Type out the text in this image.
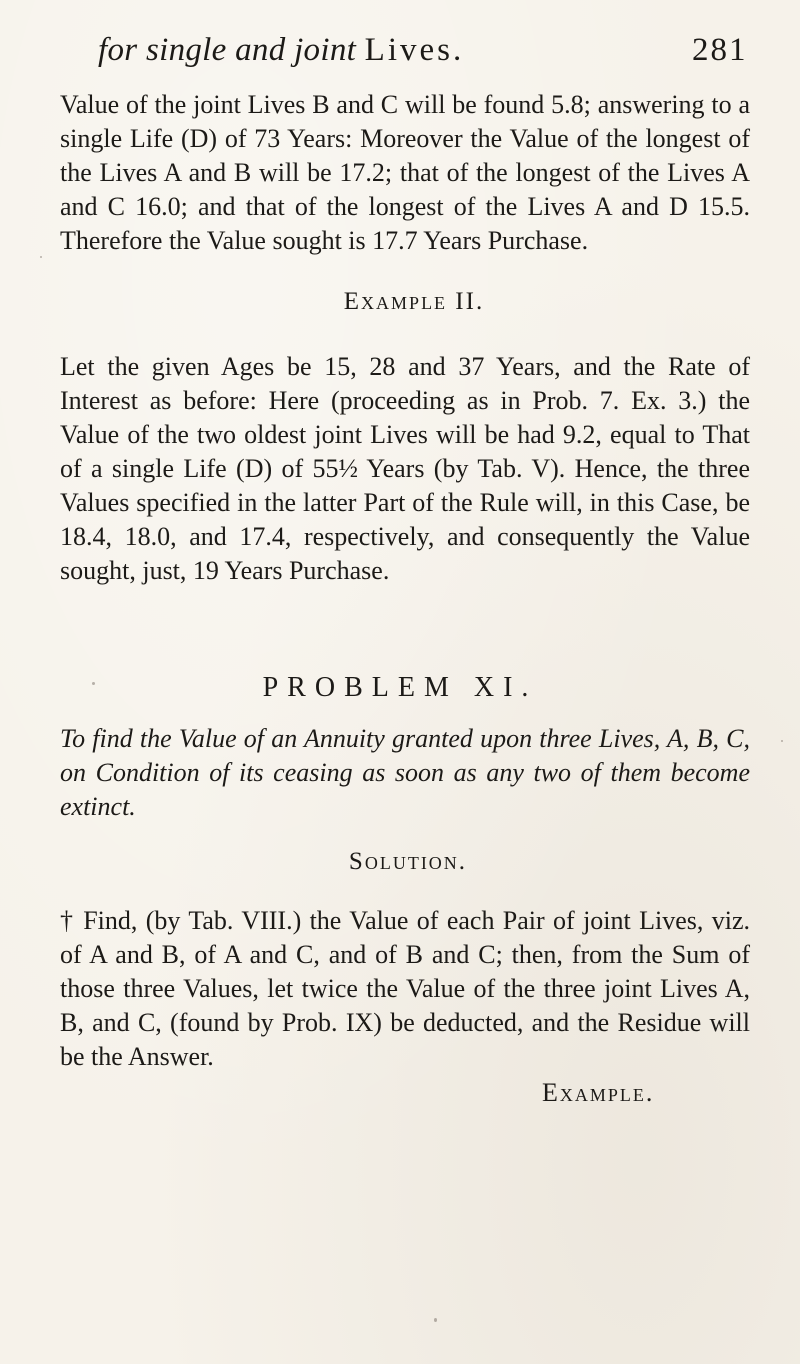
for single and joint Lives.	281

Value of the joint Lives B and C will be found 5.8; answering to a single Life (D) of 73 Years: Moreover the Value of the longest of the Lives A and B will be 17.2; that of the longest of the Lives A and C 16.0; and that of the longest of the Lives A and D 15.5. Therefore the Value sought is 17.7 Years Purchase.

Example II.

Let the given Ages be 15, 28 and 37 Years, and the Rate of Interest as before: Here (proceeding as in Prob. 7. Ex. 3.) the Value of the two oldest joint Lives will be had 9.2, equal to That of a single Life (D) of 55½ Years (by Tab. V). Hence, the three Values specified in the latter Part of the Rule will, in this Case, be 18.4, 18.0, and 17.4, respectively, and consequently the Value sought, just, 19 Years Purchase.

PROBLEM XI.

To find the Value of an Annuity granted upon three Lives, A, B, C, on Condition of its ceasing as soon as any two of them become extinct.

Solution.

† Find, (by Tab. VIII.) the Value of each Pair of joint Lives, viz. of A and B, of A and C, and of B and C; then, from the Sum of those three Values, let twice the Value of the three joint Lives A, B, and C, (found by Prob. IX) be deducted, and the Residue will be the Answer.

Example.
